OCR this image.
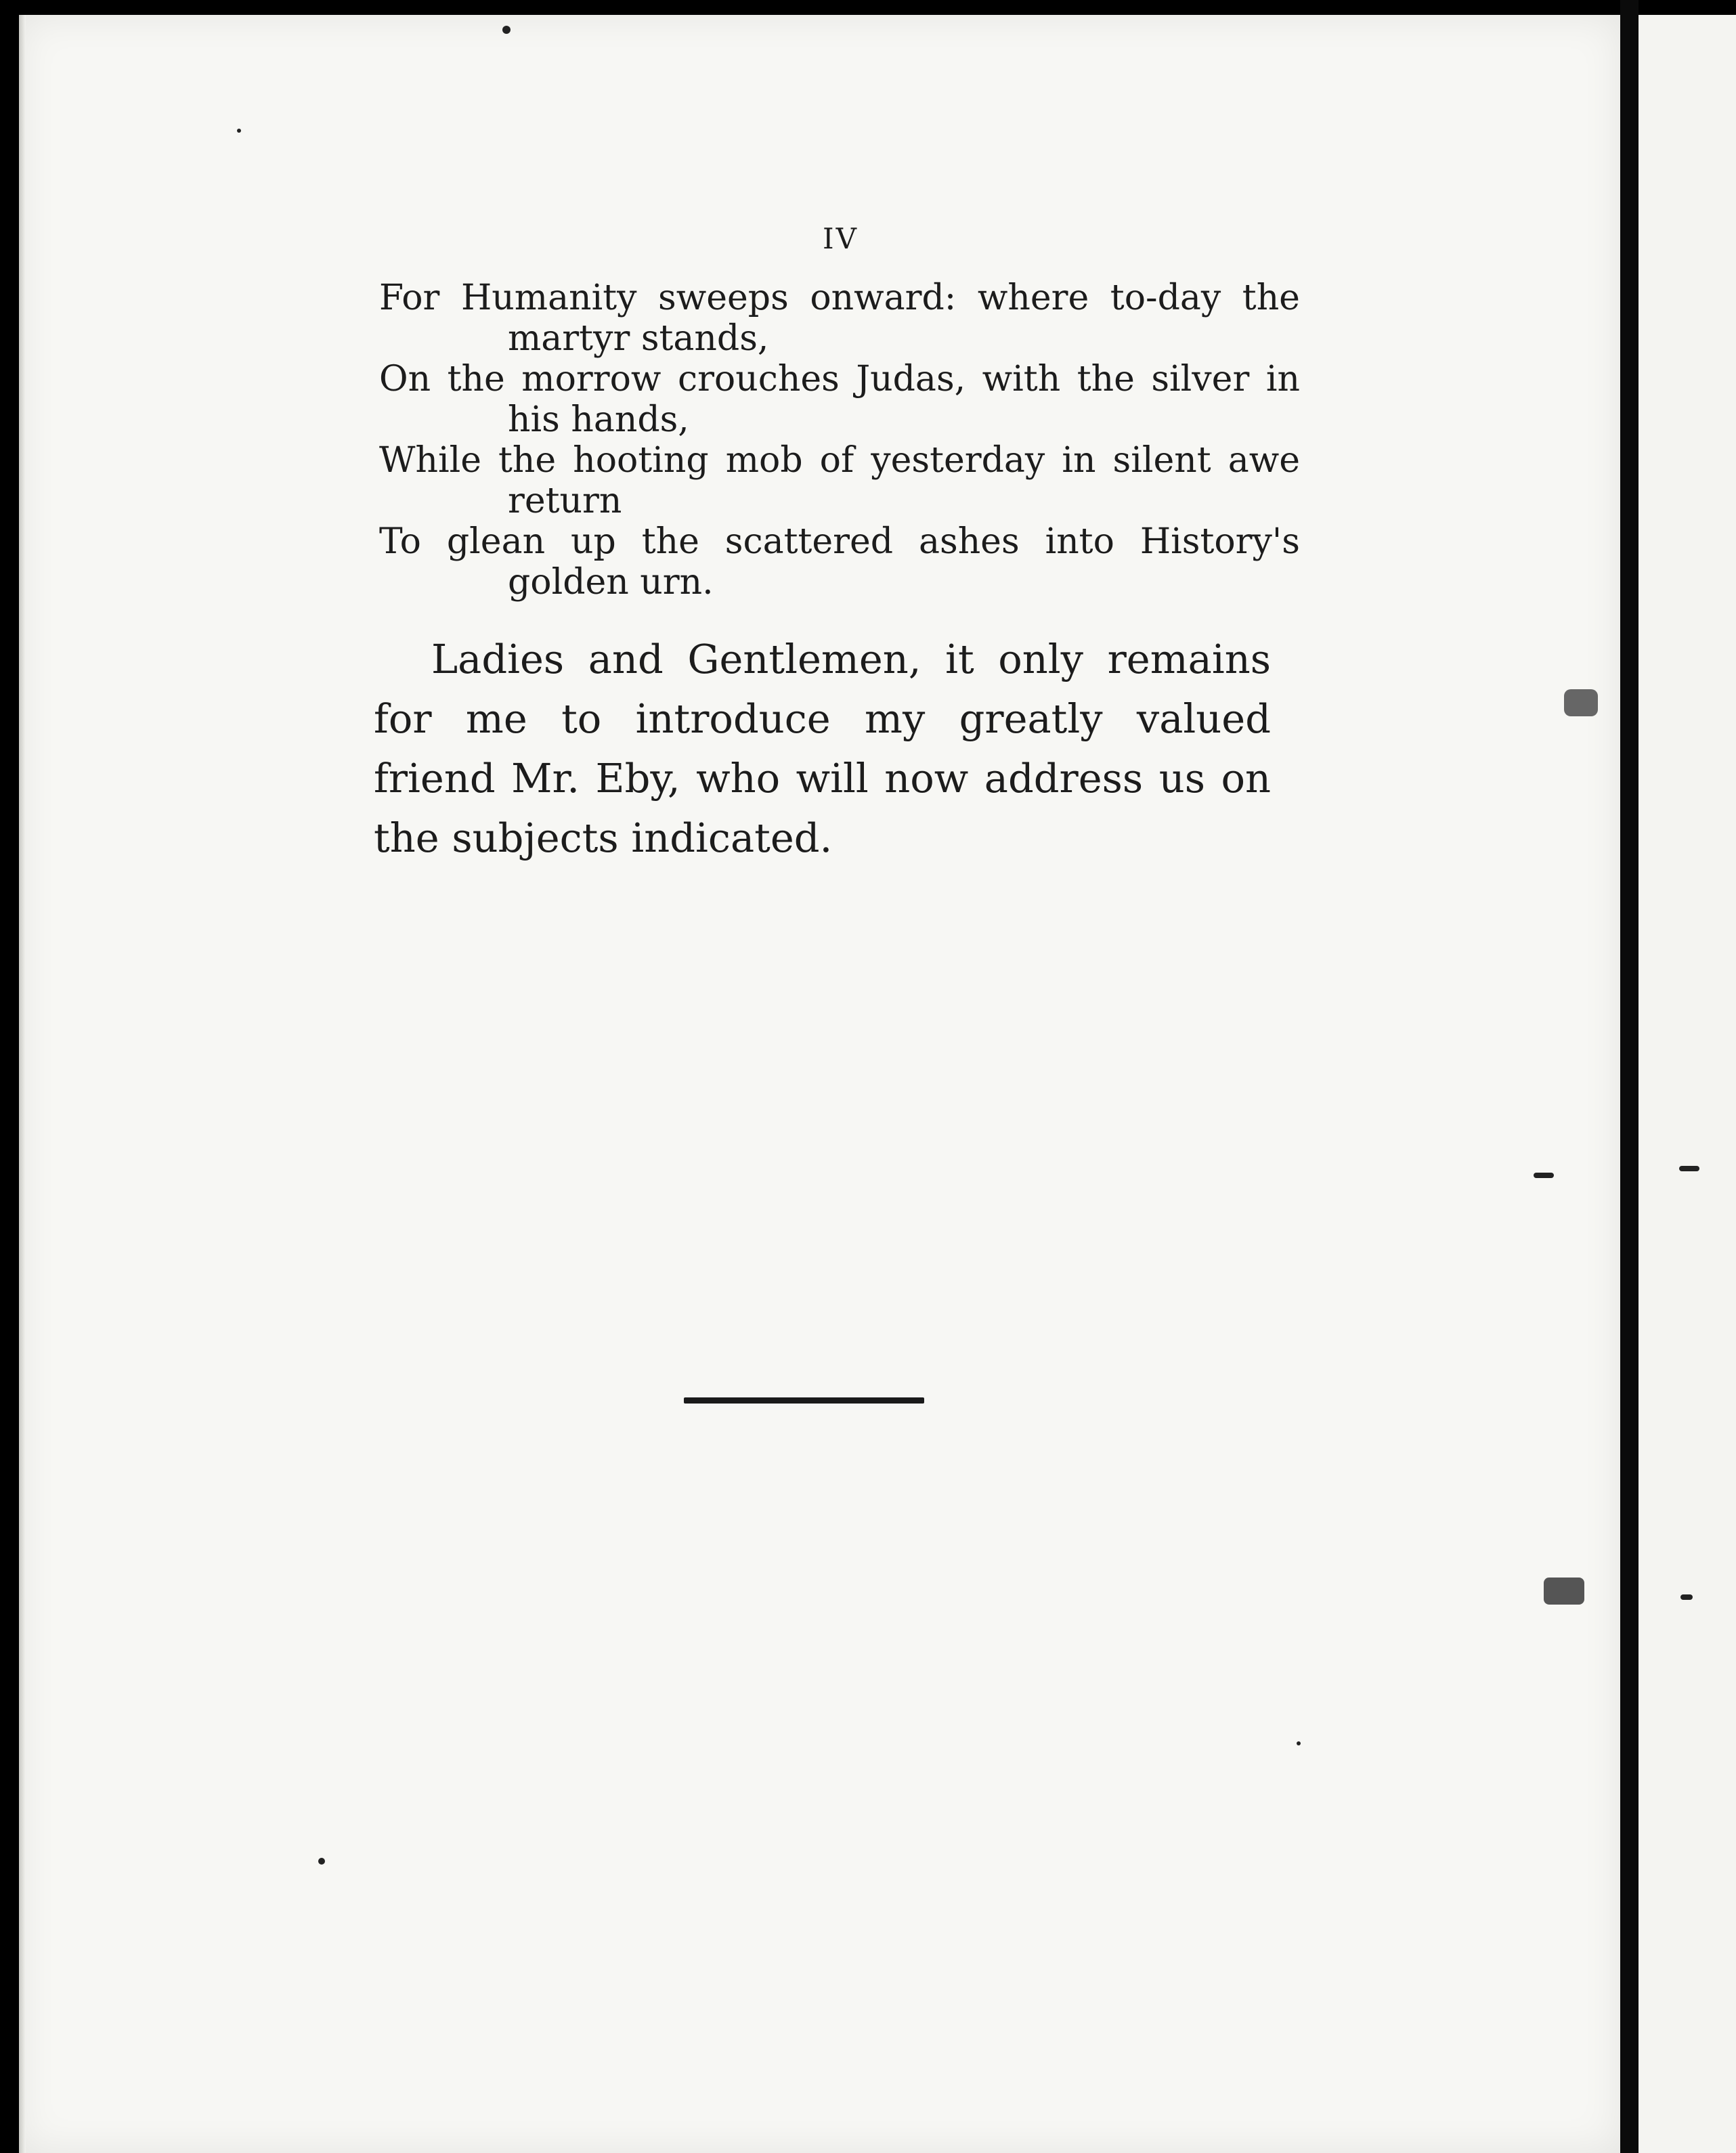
IV
For Humanity sweeps onward: where to-day the
martyr stands,
On the morrow crouches Judas, with the silver in
his hands,
While the hooting mob of yesterday in silent awe
return
To glean up the scattered ashes into History's
golden urn.

Ladies and Gentlemen, it only remains for me to introduce my greatly valued friend Mr. Eby, who will now address us on the subjects indicated.
